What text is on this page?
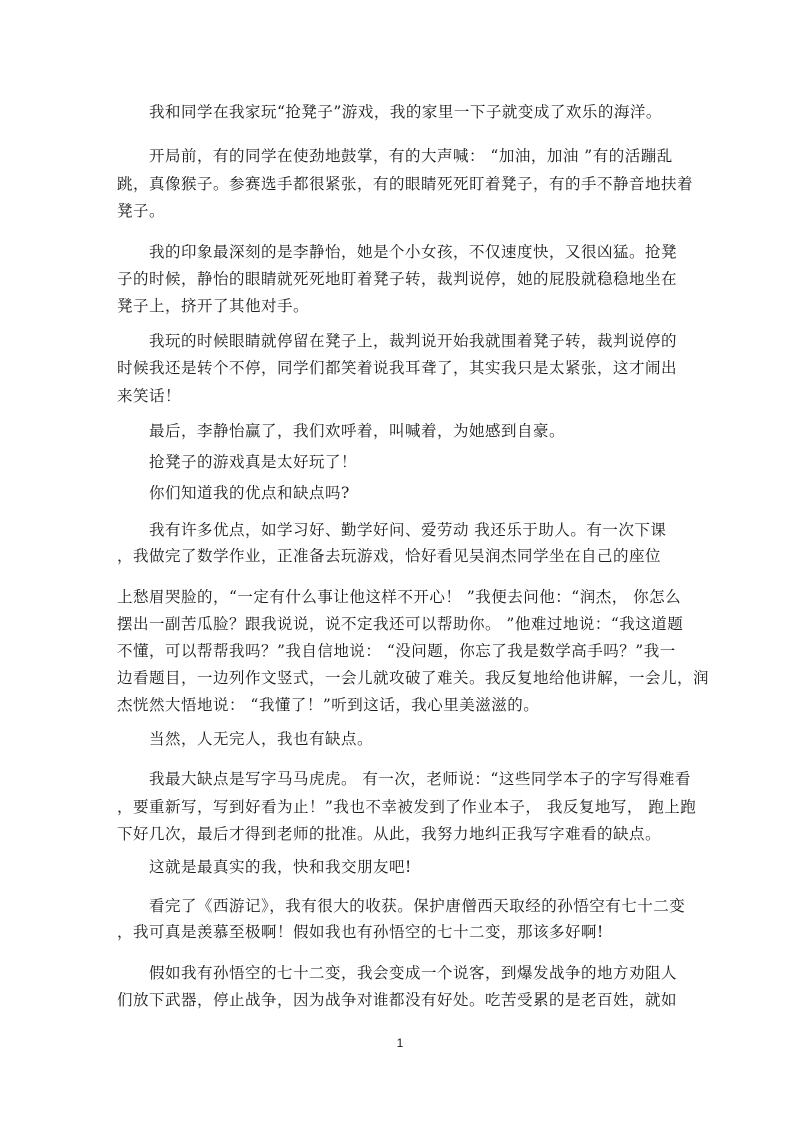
我和同学在我家玩“抢凳子”游戏，我的家里一下子就变成了欢乐的海洋。
开局前，有的同学在使劲地鼓掌，有的大声喊： “加油，加油 ”有的活蹦乱
跳，真像猴子。参赛选手都很紧张，有的眼睛死死盯着凳子，有的手不静音地扶着
凳子。
我的印象最深刻的是李静怡，她是个小女孩，不仅速度快，又很凶猛。抢凳
子的时候，静怡的眼睛就死死地盯着凳子转，裁判说停，她的屁股就稳稳地坐在
凳子上，挤开了其他对手。
我玩的时候眼睛就停留在凳子上，裁判说开始我就围着凳子转，裁判说停的
时候我还是转个不停，同学们都笑着说我耳聋了，其实我只是太紧张，这才闹出
来笑话！
最后，李静怡赢了，我们欢呼着，叫喊着，为她感到自豪。
抢凳子的游戏真是太好玩了！
你们知道我的优点和缺点吗?
我有许多优点，如学习好、勤学好问、爱劳动 我还乐于助人。有一次下课
，我做完了数学作业，正准备去玩游戏，恰好看见吴润杰同学坐在自己的座位
上愁眉哭脸的，“一定有什么事让他这样不开心！ ”我便去问他：“润杰， 你怎么
摆出一副苦瓜脸？跟我说说，说不定我还可以帮助你。 ”他难过地说：“我这道题
不懂，可以帮帮我吗？”我自信地说： “没问题，你忘了我是数学高手吗？”我一
边看题目，一边列作文竖式，一会儿就攻破了难关。我反复地给他讲解，一会儿，润
杰恍然大悟地说： “我懂了！”听到这话，我心里美滋滋的。
当然，人无完人，我也有缺点。
我最大缺点是写字马马虎虎。 有一次，老师说：“这些同学本子的字写得难看
，要重新写，写到好看为止！”我也不幸被发到了作业本子， 我反复地写， 跑上跑
下好几次，最后才得到老师的批准。从此，我努力地纠正我写字难看的缺点。
这就是最真实的我，快和我交朋友吧!
看完了《西游记》，我有很大的收获。保护唐僧西天取经的孙悟空有七十二变
，我可真是羡慕至极啊！假如我也有孙悟空的七十二变，那该多好啊!
假如我有孙悟空的七十二变，我会变成一个说客，到爆发战争的地方劝阻人
们放下武器，停止战争，因为战争对谁都没有好处。吃苦受累的是老百姓，就如
1
